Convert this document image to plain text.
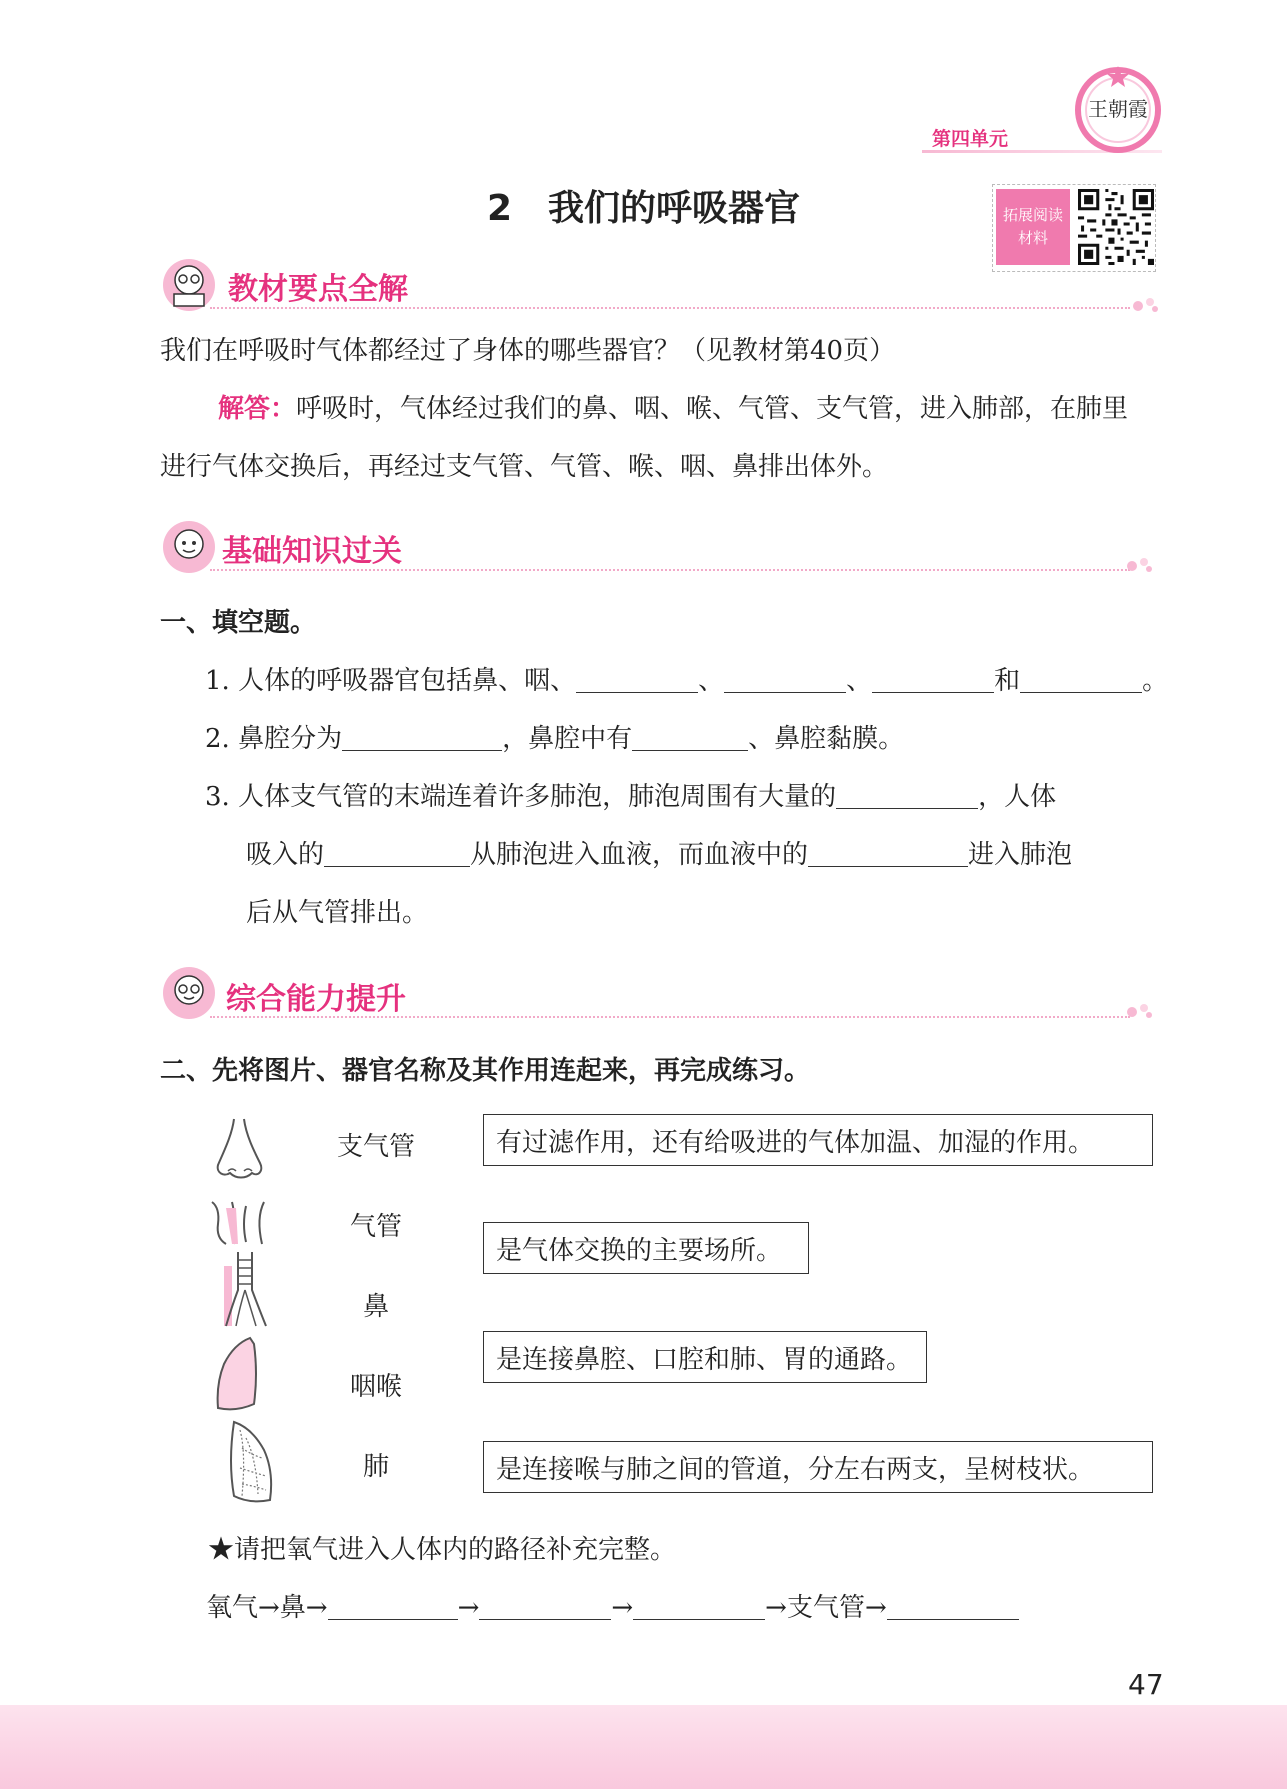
第四单元
王朝霞
2　我们的呼吸器官	拓展阅读
材料
教材要点全解
我们在呼吸时气体都经过了身体的哪些器官？（见教材第40页）
解答：呼吸时，气体经过我们的鼻、咽、喉、气管、支气管，进入肺部，在肺里
进行气体交换后，再经过支气管、气管、喉、咽、鼻排出体外。
基础知识过关
一、填空题。
1. 人体的呼吸器官包括鼻、咽、	、	、	和	。
2. 鼻腔分为	，鼻腔中有	、鼻腔黏膜。
3. 人体支气管的末端连着许多肺泡，肺泡周围有大量的	，人体
吸入的	从肺泡进入血液，而血液中的	进入肺泡
后从气管排出。
综合能力提升
二、先将图片、器官名称及其作用连起来，再完成练习。
支气管
气管
鼻
咽喉
肺
有过滤作用，还有给吸进的气体加温、加湿的作用。
是气体交换的主要场所。
是连接鼻腔、口腔和肺、胃的通路。
是连接喉与肺之间的管道，分左右两支，呈树枝状。
★请把氧气进入人体内的路径补充完整。
氧气→鼻→	→	→	→支气管→
47
